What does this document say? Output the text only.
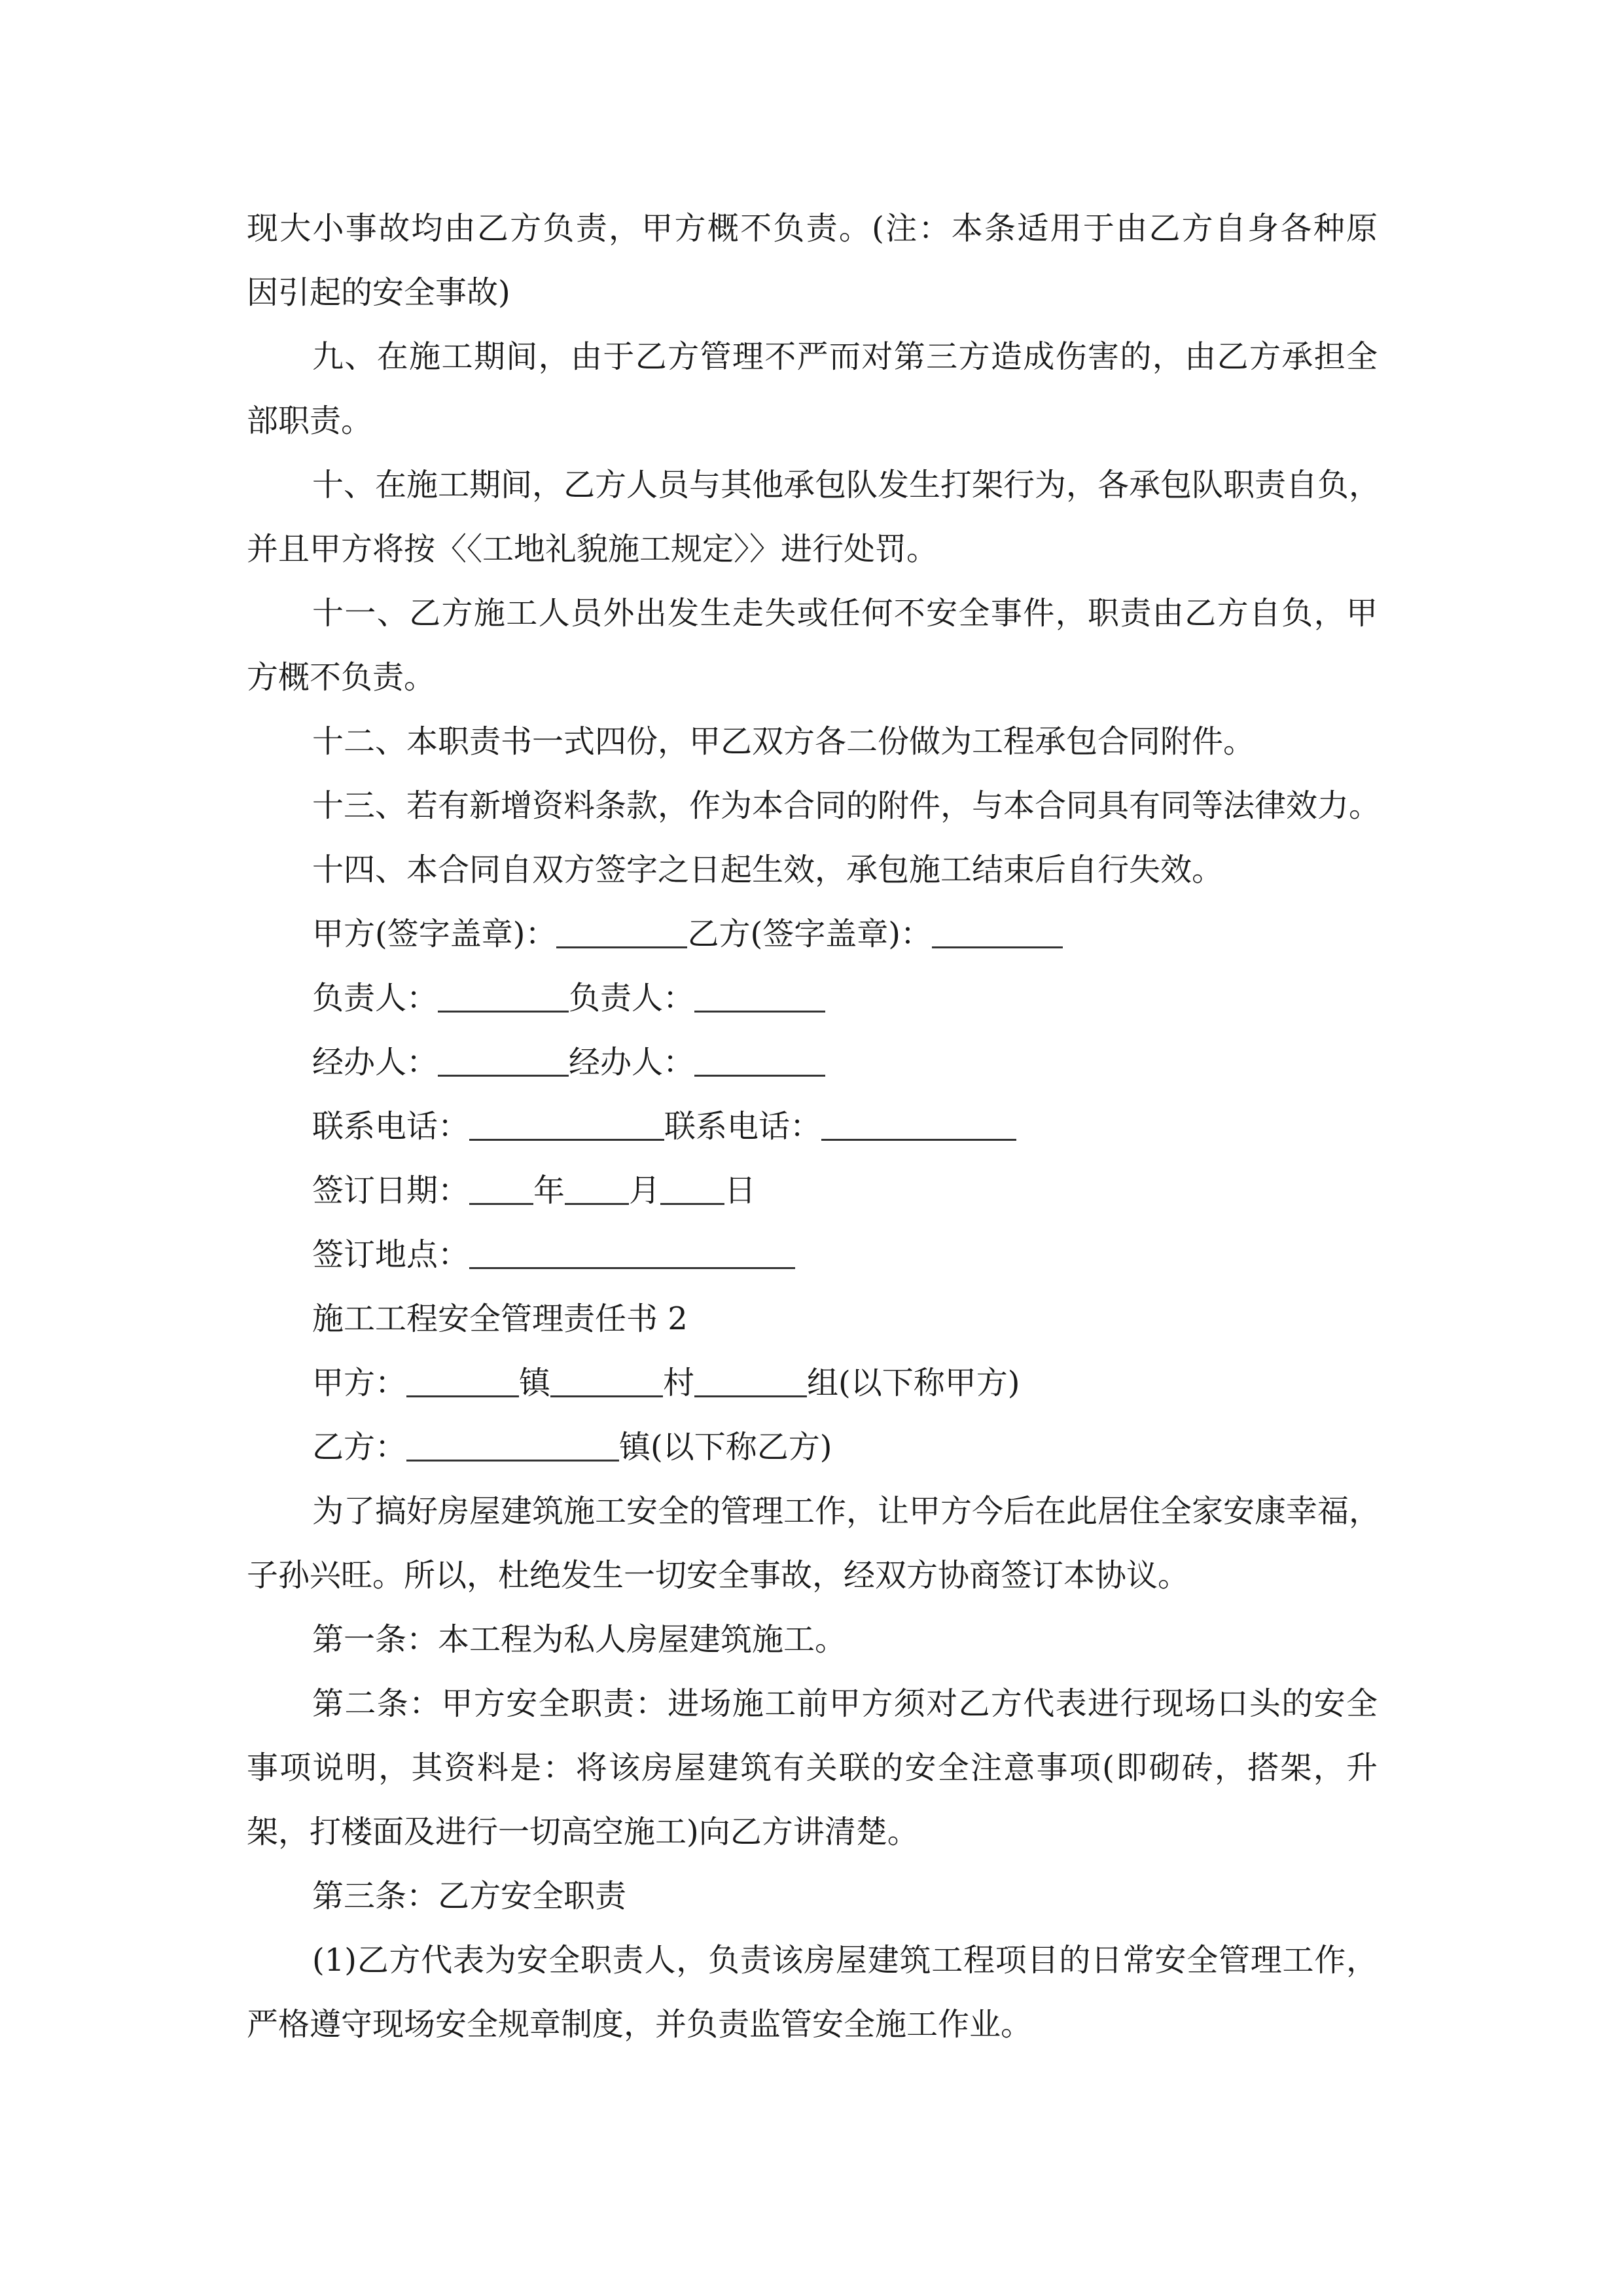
现大小事故均由乙方负责，甲方概不负责。(注：本条适用于由乙方自身各种原
因引起的安全事故)
九、在施工期间，由于乙方管理不严而对第三方造成伤害的，由乙方承担全
部职责。
十、在施工期间，乙方人员与其他承包队发生打架行为，各承包队职责自负，
并且甲方将按〈〈工地礼貌施工规定〉〉进行处罚。
十一、乙方施工人员外出发生走失或任何不安全事件，职责由乙方自负，甲
方概不负责。
十二、本职责书一式四份，甲乙双方各二份做为工程承包合同附件。
十三、若有新增资料条款，作为本合同的附件，与本合同具有同等法律效力。
十四、本合同自双方签字之日起生效，承包施工结束后自行失效。
甲方(签字盖章)：	乙方(签字盖章)：
负责人：	负责人：
经办人：	经办人：
联系电话：	联系电话：
签订日期： 年 月 日
签订地点：
施工工程安全管理责任书 2
甲方：	镇	村	组(以下称甲方)
乙方：	镇(以下称乙方)
为了搞好房屋建筑施工安全的管理工作，让甲方今后在此居住全家安康幸福，
子孙兴旺。所以，杜绝发生一切安全事故，经双方协商签订本协议。
第一条：本工程为私人房屋建筑施工。
第二条：甲方安全职责：进场施工前甲方须对乙方代表进行现场口头的安全
事项说明，其资料是：将该房屋建筑有关联的安全注意事项(即砌砖，搭架，升
架，打楼面及进行一切高空施工)向乙方讲清楚。
第三条：乙方安全职责
(1)乙方代表为安全职责人，负责该房屋建筑工程项目的日常安全管理工作，
严格遵守现场安全规章制度，并负责监管安全施工作业。
